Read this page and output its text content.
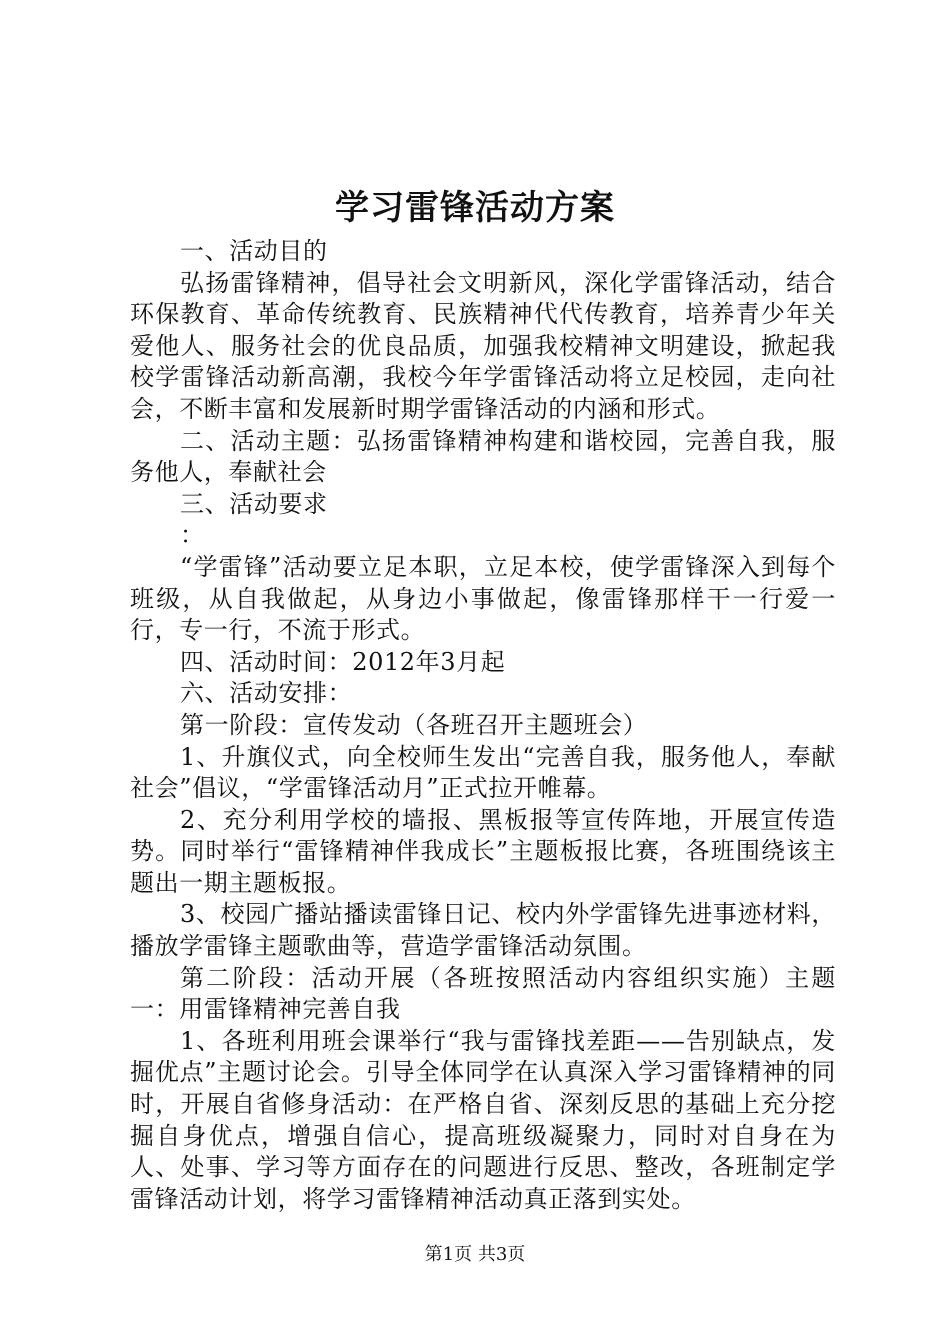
学习雷锋活动方案

一、活动目的

弘扬雷锋精神，倡导社会文明新风，深化学雷锋活动，结合环保教育、革命传统教育、民族精神代代传教育，培养青少年关爱他人、服务社会的优良品质，加强我校精神文明建设，掀起我校学雷锋活动新高潮，我校今年学雷锋活动将立足校园，走向社会，不断丰富和发展新时期学雷锋活动的内涵和形式。

二、活动主题：弘扬雷锋精神构建和谐校园，完善自我，服务他人，奉献社会

三、活动要求

：

“学雷锋”活动要立足本职，立足本校，使学雷锋深入到每个班级，从自我做起，从身边小事做起，像雷锋那样干一行爱一行，专一行，不流于形式。

四、活动时间：2012年3月起

六、活动安排：

第一阶段：宣传发动（各班召开主题班会）

1、升旗仪式，向全校师生发出“完善自我，服务他人，奉献社会”倡议，“学雷锋活动月”正式拉开帷幕。

2、充分利用学校的墙报、黑板报等宣传阵地，开展宣传造势。同时举行“雷锋精神伴我成长”主题板报比赛，各班围绕该主题出一期主题板报。

3、校园广播站播读雷锋日记、校内外学雷锋先进事迹材料，播放学雷锋主题歌曲等，营造学雷锋活动氛围。

第二阶段：活动开展（各班按照活动内容组织实施）主题一：用雷锋精神完善自我

1、各班利用班会课举行“我与雷锋找差距——告别缺点，发掘优点”主题讨论会。引导全体同学在认真深入学习雷锋精神的同时，开展自省修身活动：在严格自省、深刻反思的基础上充分挖掘自身优点，增强自信心，提高班级凝聚力，同时对自身在为人、处事、学习等方面存在的问题进行反思、整改，各班制定学雷锋活动计划，将学习雷锋精神活动真正落到实处。

第1页 共3页
